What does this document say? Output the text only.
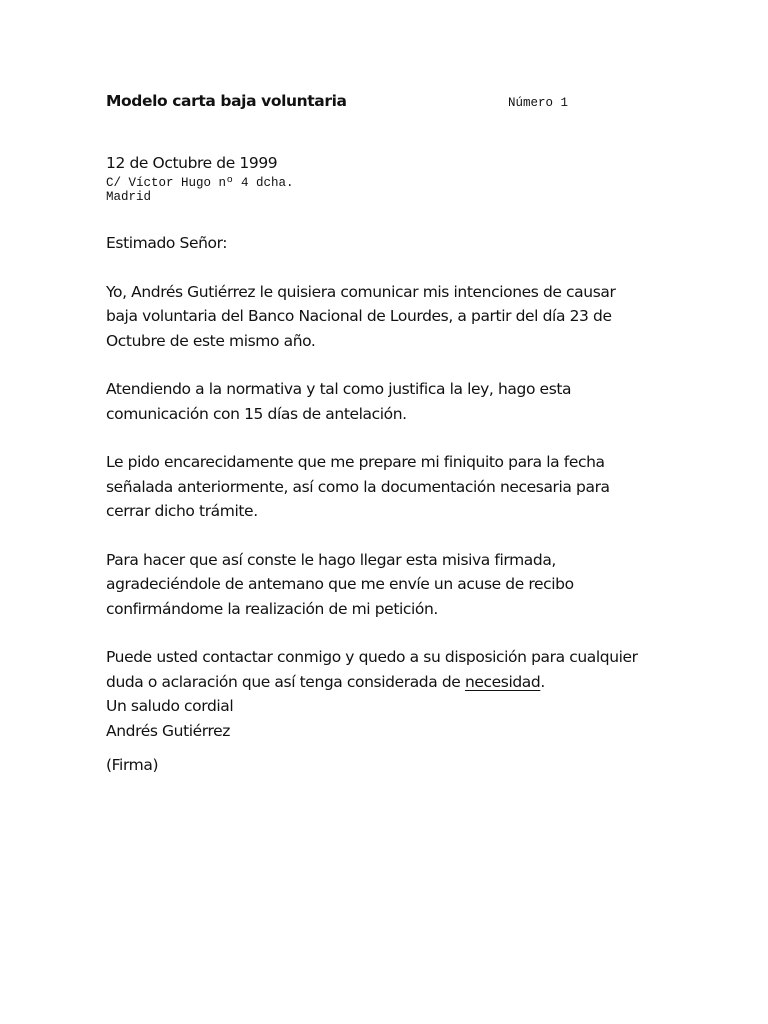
Modelo carta baja voluntaria	Número 1
12 de Octubre de 1999
C/ Víctor Hugo nº 4 dcha.
Madrid

Estimado Señor:

Yo, Andrés Gutiérrez le quisiera comunicar mis intenciones de causar
baja voluntaria del Banco Nacional de Lourdes, a partir del día 23 de
Octubre de este mismo año.

Atendiendo a la normativa y tal como justifica la ley, hago esta
comunicación con 15 días de antelación.

Le pido encarecidamente que me prepare mi finiquito para la fecha
señalada anteriormente, así como la documentación necesaria para
cerrar dicho trámite.

Para hacer que así conste le hago llegar esta misiva firmada,
agradeciéndole de antemano que me envíe un acuse de recibo
confirmándome la realización de mi petición.

Puede usted contactar conmigo y quedo a su disposición para cualquier
duda o aclaración que así tenga considerada de necesidad.
Un saludo cordial
Andrés Gutiérrez

(Firma)
